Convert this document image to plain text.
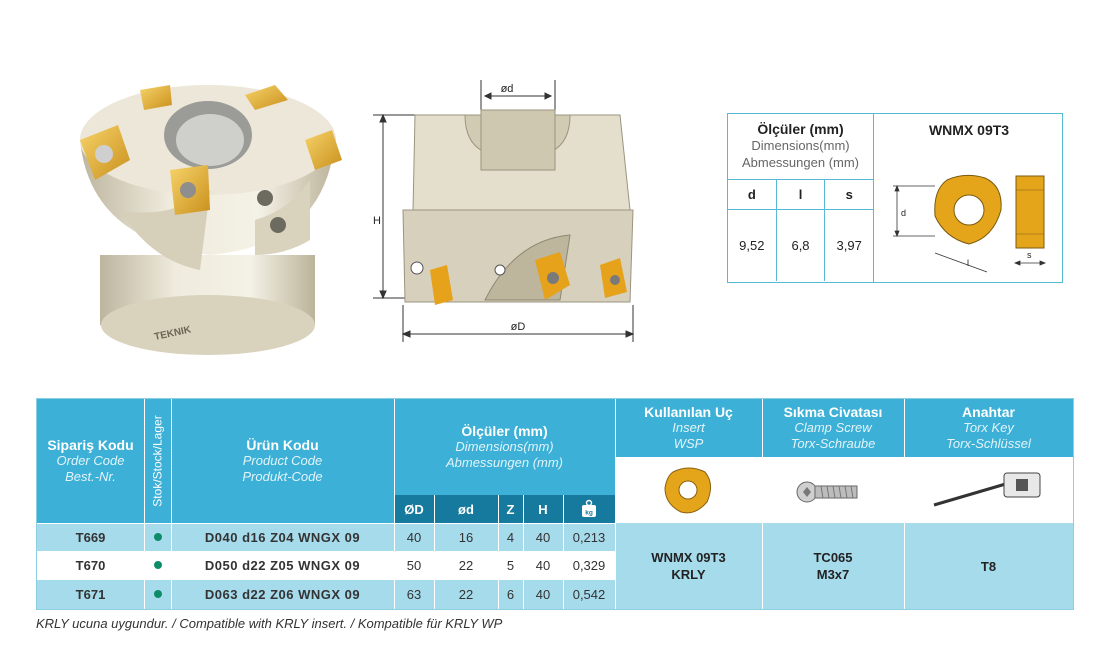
TEKNIK
ød
H
øD
Ölçüler (mm)
Dimensions(mm)
Abmessungen (mm)
d	l	s
9,52	6,8	3,97
WNMX 09T3
d
l
s
Sipariş Kodu
Order Code
Best.-Nr.	Stok/Stock/Lager	Ürün Kodu
Product Code
Produkt-Code
Ölçüler (mm)
Dimensions(mm)
Abmessungen (mm)
ØD	ød	Z	H	kg
Kullanılan Uç
Insert
WSP
Sıkma Civatası
Clamp Screw
Torx-Schraube
Anahtar
Torx Key
Torx-Schlüssel
T669	D040 d16 Z04 WNGX 09	40	16	4	40	0,213
T670	D050 d22 Z05 WNGX 09	50	22	5	40	0,329
T671	D063 d22 Z06 WNGX 09	63	22	6	40	0,542
WNMX 09T3
KRLY
TC065
M3x7
T8
KRLY ucuna uygundur. / Compatible with KRLY insert. / Kompatible für KRLY WP
